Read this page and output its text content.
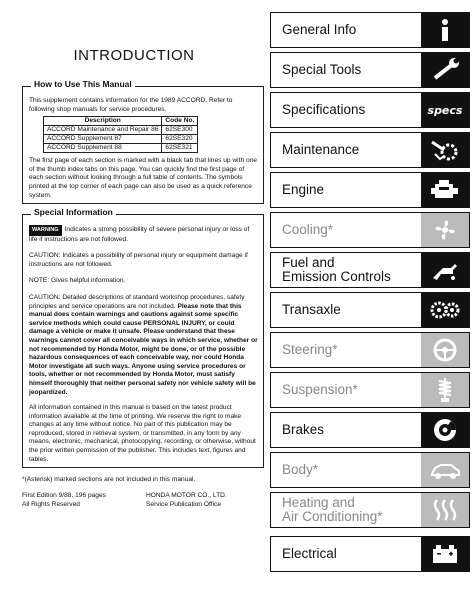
INTRODUCTION
How to Use This Manual

This supplement contains information for the 1989 ACCORD. Refer to following shop manuals for service procedures.

Description	Code No.
ACCORD Maintenance and Repair 86	62SE300
ACCORD Supplement 87	62SE320
ACCORD Supplement 88	62SE321

The first page of each section is marked with a black tab that lines up with one of the thumb index tabs on this page. You can quickly find the first page of each section without looking through a full table of contents. The symbols printed at the top corner of each page can also be used as a quick reference system.

Special Information

WARNING Indicates a strong possibility of severe personal injury or loss of life if instructions are not followed.

CAUTION: Indicates a possibility of personal injury or equipment damage if instructions are not followed.

NOTE: Gives helpful information.

CAUTION: Detailed descriptions of standard workshop procedures, safety principles and service operations are not included. Please note that this manual does contain warnings and cautions against some specific service methods which could cause PERSONAL INJURY, or could damage a vehicle or make it unsafe. Please understand that these warnings cannot cover all conceivable ways in which service, whether or not recommended by Honda Motor, might be done, or of the possible hazardous consequences of each conceivable way, nor could Honda Motor investigate all such ways. Anyone using service procedures or tools, whether or not recommended by Honda Motor, must satisfy himself thoroughly that neither personal safety nor vehicle safety will be jeopardized.

All information contained in this manual is based on the latest product information available at the time of printing. We reserve the right to make changes at any time without notice. No part of this publication may be reproduced, stored in retrieval system, or transmitted, in any form by any means, electronic, mechanical, photocopying, recording, or otherwise, without the prior written permission of the publisher. This includes text, figures and tables.

*(Asterisk) marked sections are not included in this manual.
First Edition 9/88, 196 pages
All Rights Reserved
HONDA MOTOR CO., LTD.
Service Publication Office
General Info
Special Tools
Specifications	specs
Maintenance
Engine
Cooling*
Fuel and
Emission Controls
Transaxle
Steering*
Suspension*
Brakes
Body*
Heating and
Air Conditioning*
Electrical
